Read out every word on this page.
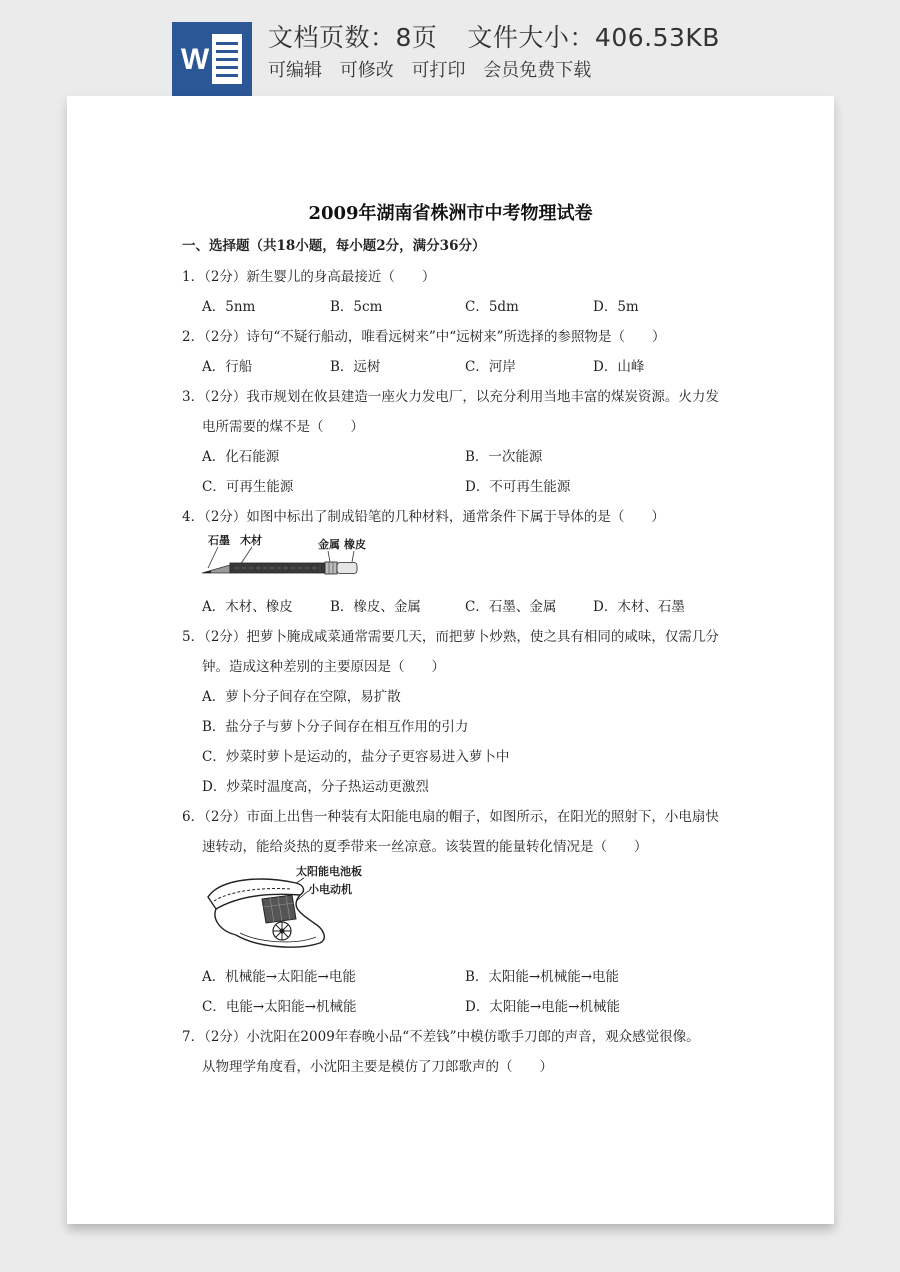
W
文档页数：8页 文件大小：406.53KB
可编辑 可修改 可打印 会员免费下载
2009年湖南省株洲市中考物理试卷
一、选择题（共18小题，每小题2分，满分36分）
1．（2分）新生婴儿的身高最接近（　　）
A．5nm	B．5cm	C．5dm	D．5m
2．（2分）诗句“不疑行船动，唯看远树来”中“远树来”所选择的参照物是（　　）
A．行船	B．远树	C．河岸	D．山峰
3．（2分）我市规划在攸县建造一座火力发电厂，以充分利用当地丰富的煤炭资源。火力发
电所需要的煤不是（　　）
A．化石能源	B．一次能源
C．可再生能源	D．不可再生能源
4．（2分）如图中标出了制成铅笔的几种材料，通常条件下属于导体的是（　　）
石墨 木材	金属 橡皮
A．木材、橡皮	B．橡皮、金属	C．石墨、金属	D．木材、石墨
5．（2分）把萝卜腌成咸菜通常需要几天，而把萝卜炒熟，使之具有相同的咸味，仅需几分
钟。造成这种差别的主要原因是（　　）
A．萝卜分子间存在空隙，易扩散
B．盐分子与萝卜分子间存在相互作用的引力
C．炒菜时萝卜是运动的，盐分子更容易进入萝卜中
D．炒菜时温度高，分子热运动更激烈
6．（2分）市面上出售一种装有太阳能电扇的帽子，如图所示，在阳光的照射下，小电扇快
速转动，能给炎热的夏季带来一丝凉意。该装置的能量转化情况是（　　）
太阳能电池板
小电动机
A．机械能→太阳能→电能	B．太阳能→机械能→电能
C．电能→太阳能→机械能	D．太阳能→电能→机械能
7．（2分）小沈阳在2009年春晚小品“不差钱”中模仿歌手刀郎的声音，观众感觉很像。
从物理学角度看，小沈阳主要是模仿了刀郎歌声的（　　）
